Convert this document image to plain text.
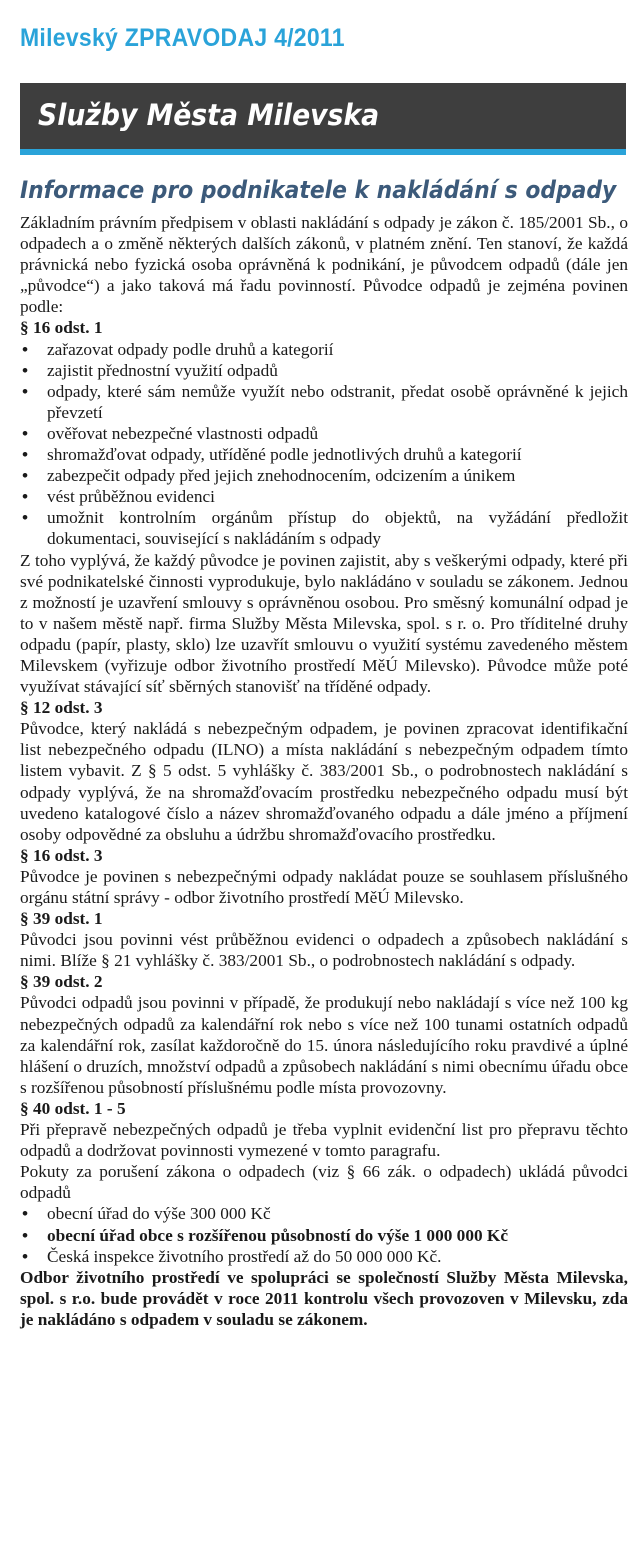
Milevský ZPRAVODAJ 4/2011
Služby Města Milevska
Informace pro podnikatele k nakládání s odpady

Základním právním předpisem v oblasti nakládání s odpady je zákon č. 185/2001 Sb., o odpadech a o změně některých dalších zákonů, v platném znění. Ten stanoví, že každá právnická nebo fyzická osoba oprávněná k podnikání, je původcem odpadů (dále jen „původce“) a jako taková má řadu povinností. Původce odpadů je zejména povinen podle:

§ 16 odst. 1

• zařazovat odpady podle druhů a kategorií
• zajistit přednostní využití odpadů
• odpady, které sám nemůže využít nebo odstranit, předat osobě oprávněné k jejich převzetí
• ověřovat nebezpečné vlastnosti odpadů
• shromažďovat odpady, utříděné podle jednotlivých druhů a kategorií
• zabezpečit odpady před jejich znehodnocením, odcizením a únikem
• vést průběžnou evidenci
• umožnit kontrolním orgánům přístup do objektů, na vyžádání předložit dokumentaci, související s nakládáním s odpady

Z toho vyplývá, že každý původce je povinen zajistit, aby s veškerými odpady, které při své podnikatelské činnosti vyprodukuje, bylo nakládáno v souladu se zákonem. Jednou z možností je uzavření smlouvy s oprávněnou osobou. Pro směsný komunální odpad je to v našem městě např. firma Služby Města Milevska, spol. s r. o. Pro tříditelné druhy odpadu (papír, plasty, sklo) lze uzavřít smlouvu o využití systému zavedeného městem Milevskem (vyřizuje odbor životního prostředí MěÚ Milevsko). Původce může poté využívat stávající síť sběrných stanovišť na tříděné odpady.

§ 12 odst. 3

Původce, který nakládá s nebezpečným odpadem, je povinen zpracovat identifikační list nebezpečného odpadu (ILNO) a místa nakládání s nebezpečným odpadem tímto listem vybavit. Z § 5 odst. 5 vyhlášky č. 383/2001 Sb., o podrobnostech nakládání s odpady vyplývá, že na shromažďovacím prostředku nebezpečného odpadu musí být uvedeno katalogové číslo a název shromažďovaného odpadu a dále jméno a příjmení osoby odpovědné za obsluhu a údržbu shromažďovacího prostředku.

§ 16 odst. 3

Původce je povinen s nebezpečnými odpady nakládat pouze se souhlasem příslušného orgánu státní správy - odbor životního prostředí MěÚ Milevsko.

§ 39 odst. 1

Původci jsou povinni vést průběžnou evidenci o odpadech a způsobech nakládání s nimi. Blíže § 21 vyhlášky č. 383/2001 Sb., o podrobnostech nakládání s odpady.

§ 39 odst. 2

Původci odpadů jsou povinni v případě, že produkují nebo nakládají s více než 100 kg nebezpečných odpadů za kalendářní rok nebo s více než 100 tunami ostatních odpadů za kalendářní rok, zasílat každoročně do 15. února následujícího roku pravdivé a úplné hlášení o druzích, množství odpadů a způsobech nakládání s nimi obecnímu úřadu obce s rozšířenou působností příslušnému podle místa provozovny.

§ 40 odst. 1 - 5

Při přepravě nebezpečných odpadů je třeba vyplnit evidenční list pro přepravu těchto odpadů a dodržovat povinnosti vymezené v tomto paragrafu.

Pokuty za porušení zákona o odpadech (viz § 66 zák. o odpadech) ukládá původci odpadů

• obecní úřad do výše 300 000 Kč
• obecní úřad obce s rozšířenou působností do výše 1 000 000 Kč
• Česká inspekce životního prostředí až do 50 000 000 Kč.

Odbor životního prostředí ve spolupráci se společností Služby Města Milevska, spol. s r.o. bude provádět v roce 2011 kontrolu všech provozoven v Milevsku, zda je nakládáno s odpadem v souladu se zákonem.
